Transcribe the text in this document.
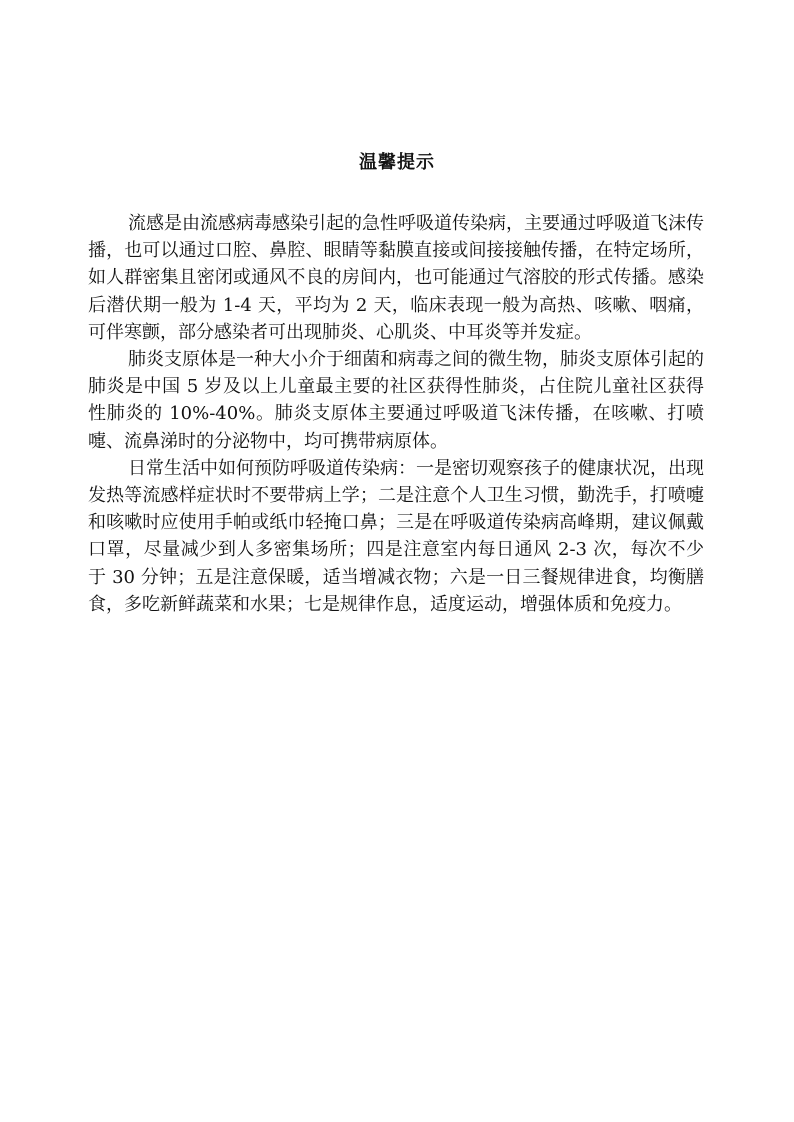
温馨提示

流感是由流感病毒感染引起的急性呼吸道传染病，主要通过呼吸道飞沫传播，也可以通过口腔、鼻腔、眼睛等黏膜直接或间接接触传播，在特定场所，如人群密集且密闭或通风不良的房间内，也可能通过气溶胶的形式传播。感染后潜伏期一般为 1-4 天，平均为 2 天，临床表现一般为高热、咳嗽、咽痛，可伴寒颤，部分感染者可出现肺炎、心肌炎、中耳炎等并发症。

肺炎支原体是一种大小介于细菌和病毒之间的微生物，肺炎支原体引起的肺炎是中国 5 岁及以上儿童最主要的社区获得性肺炎，占住院儿童社区获得性肺炎的 10%-40%。肺炎支原体主要通过呼吸道飞沫传播，在咳嗽、打喷嚏、流鼻涕时的分泌物中，均可携带病原体。

日常生活中如何预防呼吸道传染病：一是密切观察孩子的健康状况，出现发热等流感样症状时不要带病上学；二是注意个人卫生习惯，勤洗手，打喷嚏和咳嗽时应使用手帕或纸巾轻掩口鼻；三是在呼吸道传染病高峰期，建议佩戴口罩，尽量减少到人多密集场所；四是注意室内每日通风 2-3 次，每次不少于 30 分钟；五是注意保暖，适当增减衣物；六是一日三餐规律进食，均衡膳食，多吃新鲜蔬菜和水果；七是规律作息，适度运动，增强体质和免疫力。
